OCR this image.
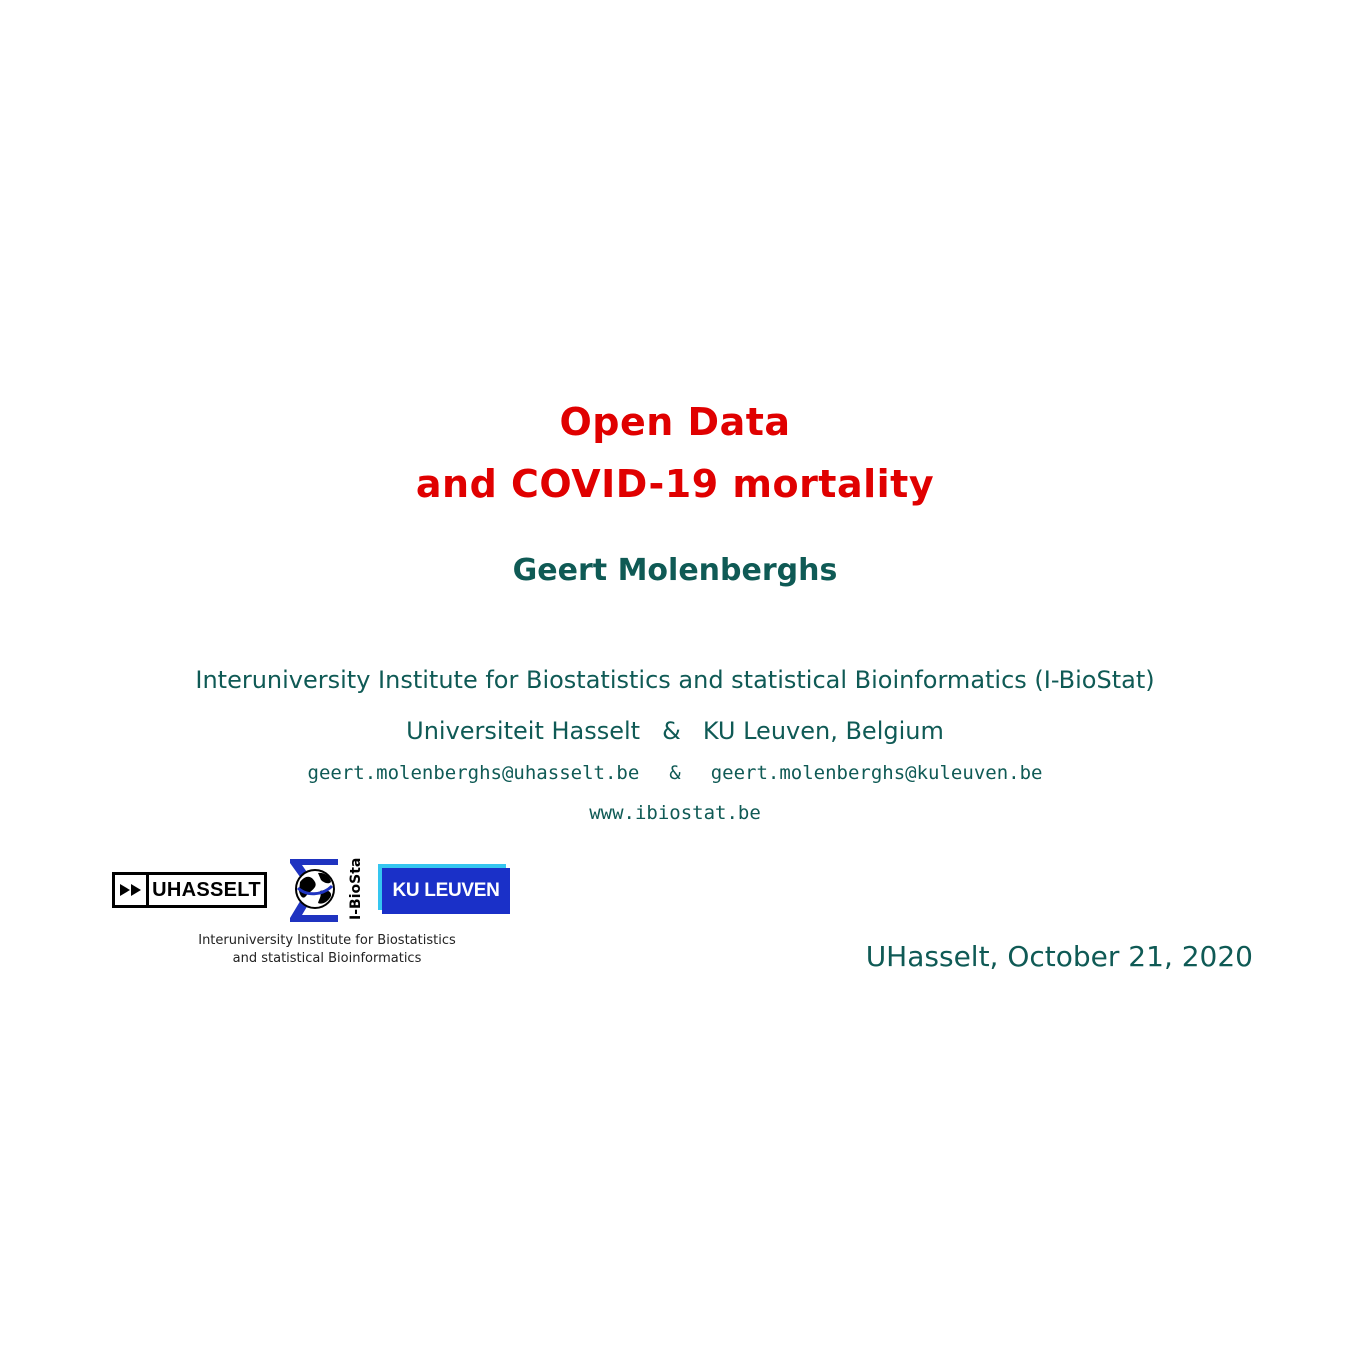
Open Data
and COVID-19 mortality
Geert Molenberghs
Interuniversity Institute for Biostatistics and statistical Bioinformatics (I-BioStat)
Universiteit Hasselt & KU Leuven, Belgium
geert.molenberghs@uhasselt.be & geert.molenberghs@kuleuven.be
www.ibiostat.be
UHASSELT	I-BioStat	KU LEUVEN
Interuniversity Institute for Biostatistics
and statistical Bioinformatics	UHasselt, October 21, 2020
